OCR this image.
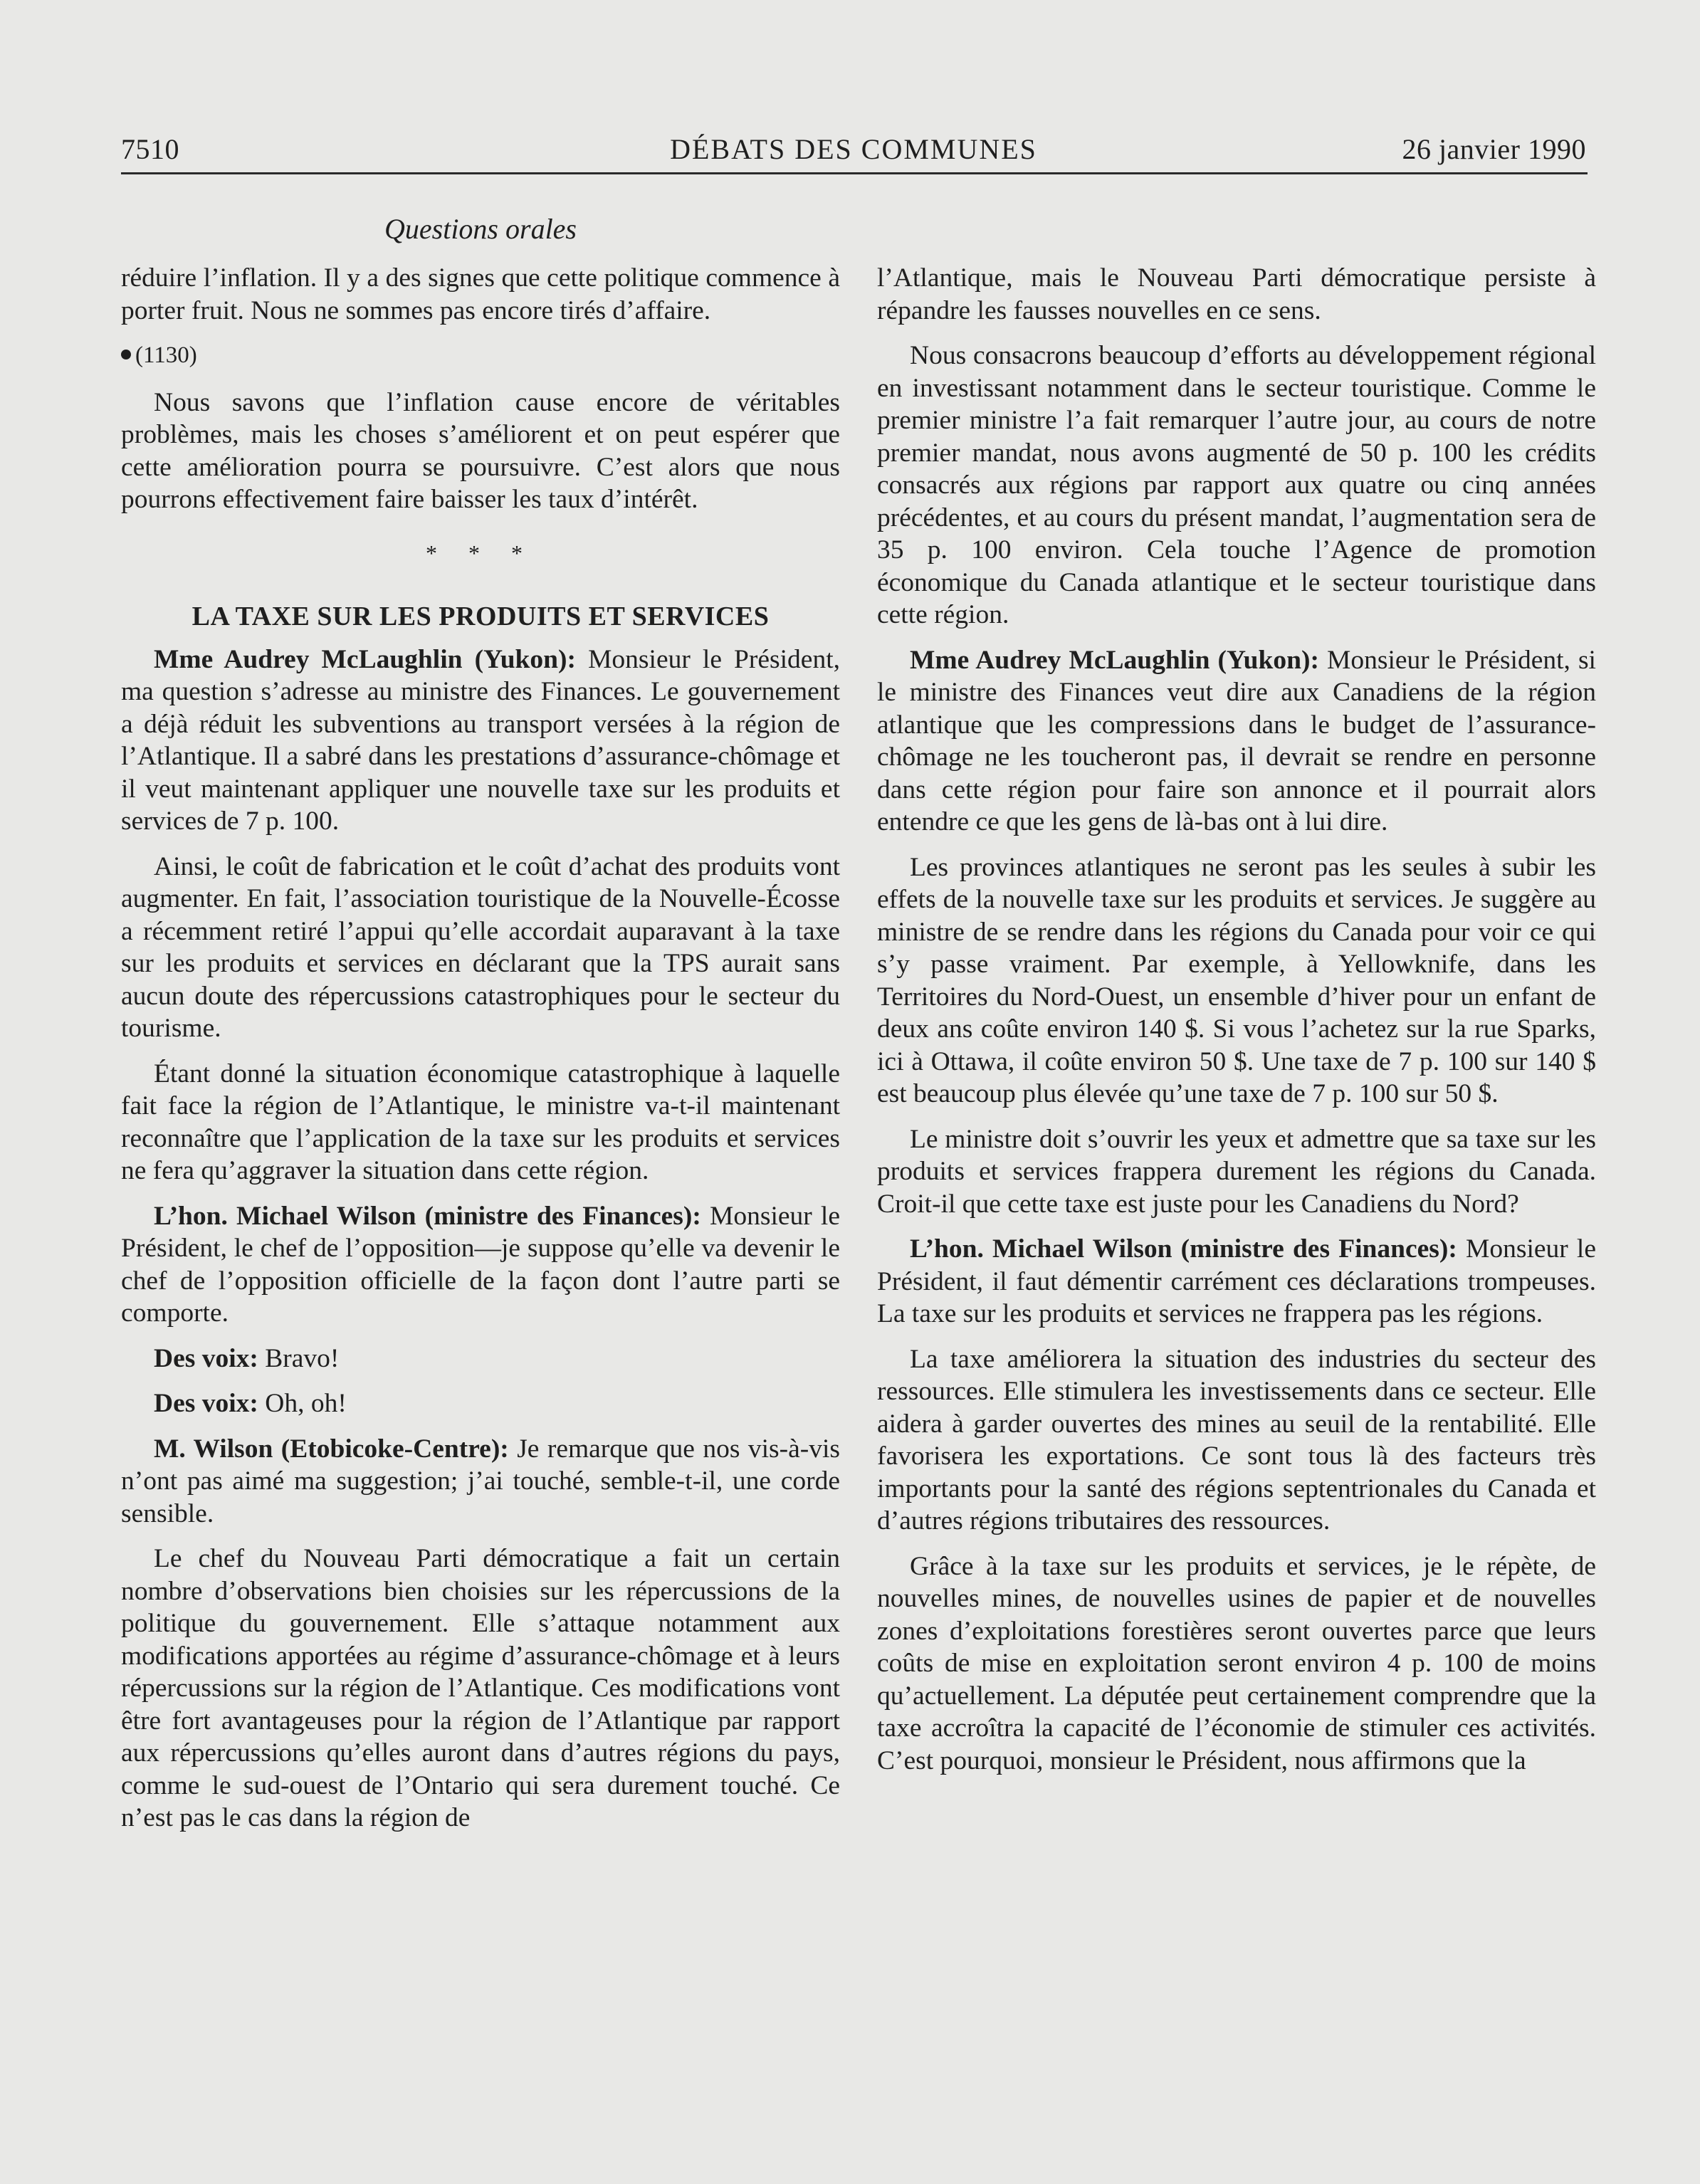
7510	DÉBATS DES COMMUNES	26 janvier 1990
Questions orales

réduire l’inflation. Il y a des signes que cette politique commence à porter fruit. Nous ne sommes pas encore tirés d’affaire.

(1130)

Nous savons que l’inflation cause encore de véritables problèmes, mais les choses s’améliorent et on peut espérer que cette amélioration pourra se poursuivre. C’est alors que nous pourrons effectivement faire baisser les taux d’intérêt.

* * *
LA TAXE SUR LES PRODUITS ET SERVICES

Mme Audrey McLaughlin (Yukon): Monsieur le Président, ma question s’adresse au ministre des Finances. Le gouvernement a déjà réduit les subventions au transport versées à la région de l’Atlantique. Il a sabré dans les prestations d’assurance-chômage et il veut maintenant appliquer une nouvelle taxe sur les produits et services de 7 p. 100.

Ainsi, le coût de fabrication et le coût d’achat des produits vont augmenter. En fait, l’association touristique de la Nouvelle-Écosse a récemment retiré l’appui qu’elle accordait auparavant à la taxe sur les produits et services en déclarant que la TPS aurait sans aucun doute des répercussions catastrophiques pour le secteur du tourisme.

Étant donné la situation économique catastrophique à laquelle fait face la région de l’Atlantique, le ministre va-t-il maintenant reconnaître que l’application de la taxe sur les produits et services ne fera qu’aggraver la situation dans cette région.

L’hon. Michael Wilson (ministre des Finances): Monsieur le Président, le chef de l’opposition—je suppose qu’elle va devenir le chef de l’opposition officielle de la façon dont l’autre parti se comporte.

Des voix: Bravo!

Des voix: Oh, oh!

M. Wilson (Etobicoke-Centre): Je remarque que nos vis-à-vis n’ont pas aimé ma suggestion; j’ai touché, semble-t-il, une corde sensible.

Le chef du Nouveau Parti démocratique a fait un certain nombre d’observations bien choisies sur les répercussions de la politique du gouvernement. Elle s’attaque notamment aux modifications apportées au régime d’assurance-chômage et à leurs répercussions sur la région de l’Atlantique. Ces modifications vont être fort avantageuses pour la région de l’Atlantique par rapport aux répercussions qu’elles auront dans d’autres régions du pays, comme le sud-ouest de l’Ontario qui sera durement touché. Ce n’est pas le cas dans la région de

l’Atlantique, mais le Nouveau Parti démocratique persiste à répandre les fausses nouvelles en ce sens.

Nous consacrons beaucoup d’efforts au développement régional en investissant notamment dans le secteur touristique. Comme le premier ministre l’a fait remarquer l’autre jour, au cours de notre premier mandat, nous avons augmenté de 50 p. 100 les crédits consacrés aux régions par rapport aux quatre ou cinq années précédentes, et au cours du présent mandat, l’augmentation sera de 35 p. 100 environ. Cela touche l’Agence de promotion économique du Canada atlantique et le secteur touristique dans cette région.

Mme Audrey McLaughlin (Yukon): Monsieur le Président, si le ministre des Finances veut dire aux Canadiens de la région atlantique que les compressions dans le budget de l’assurance-chômage ne les toucheront pas, il devrait se rendre en personne dans cette région pour faire son annonce et il pourrait alors entendre ce que les gens de là-bas ont à lui dire.

Les provinces atlantiques ne seront pas les seules à subir les effets de la nouvelle taxe sur les produits et services. Je suggère au ministre de se rendre dans les régions du Canada pour voir ce qui s’y passe vraiment. Par exemple, à Yellowknife, dans les Territoires du Nord-Ouest, un ensemble d’hiver pour un enfant de deux ans coûte environ 140 $. Si vous l’achetez sur la rue Sparks, ici à Ottawa, il coûte environ 50 $. Une taxe de 7 p. 100 sur 140 $ est beaucoup plus élevée qu’une taxe de 7 p. 100 sur 50 $.

Le ministre doit s’ouvrir les yeux et admettre que sa taxe sur les produits et services frappera durement les régions du Canada. Croit-il que cette taxe est juste pour les Canadiens du Nord?

L’hon. Michael Wilson (ministre des Finances): Monsieur le Président, il faut démentir carrément ces déclarations trompeuses. La taxe sur les produits et services ne frappera pas les régions.

La taxe améliorera la situation des industries du secteur des ressources. Elle stimulera les investissements dans ce secteur. Elle aidera à garder ouvertes des mines au seuil de la rentabilité. Elle favorisera les exportations. Ce sont tous là des facteurs très importants pour la santé des régions septentrionales du Canada et d’autres régions tributaires des ressources.

Grâce à la taxe sur les produits et services, je le répète, de nouvelles mines, de nouvelles usines de papier et de nouvelles zones d’exploitations forestières seront ouvertes parce que leurs coûts de mise en exploitation seront environ 4 p. 100 de moins qu’actuellement. La députée peut certainement comprendre que la taxe accroîtra la capacité de l’économie de stimuler ces activités. C’est pourquoi, monsieur le Président, nous affirmons que la
